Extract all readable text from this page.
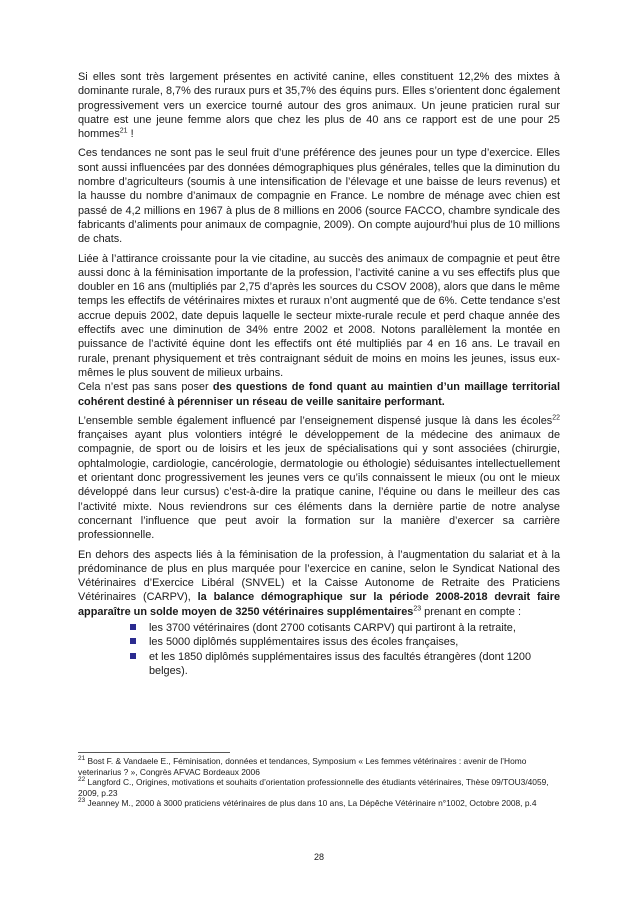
Si elles sont très largement présentes en activité canine, elles constituent 12,2% des mixtes à dominante rurale, 8,7% des ruraux purs et 35,7% des équins purs. Elles s’orientent donc également progressivement vers un exercice tourné autour des gros animaux. Un jeune praticien rural sur quatre est une jeune femme alors que chez les plus de 40 ans ce rapport est de une pour 25 hommes$^{21}$ !

Ces tendances ne sont pas le seul fruit d’une préférence des jeunes pour un type d’exercice. Elles sont aussi influencées par des données démographiques plus générales, telles que la diminution du nombre d’agriculteurs (soumis à une intensification de l’élevage et une baisse de leurs revenus) et la hausse du nombre d’animaux de compagnie en France. Le nombre de ménage avec chien est passé de 4,2 millions en 1967 à plus de 8 millions en 2006 (source FACCO, chambre syndicale des fabricants d’aliments pour animaux de compagnie, 2009). On compte aujourd’hui plus de 10 millions de chats.

Liée à l’attirance croissante pour la vie citadine, au succès des animaux de compagnie et peut être aussi donc à la féminisation importante de la profession, l’activité canine a vu ses effectifs plus que doubler en 16 ans (multipliés par 2,75 d’après les sources du CSOV 2008), alors que dans le même temps les effectifs de vétérinaires mixtes et ruraux n’ont augmenté que de 6%. Cette tendance s’est accrue depuis 2002, date depuis laquelle le secteur mixte-rurale recule et perd chaque année des effectifs avec une diminution de 34% entre 2002 et 2008. Notons parallèlement la montée en puissance de l’activité équine dont les effectifs ont été multipliés par 4 en 16 ans. Le travail en rurale, prenant physiquement et très contraignant séduit de moins en moins les jeunes, issus eux-mêmes le plus souvent de milieux urbains.

Cela n’est pas sans poser des questions de fond quant au maintien d’un maillage territorial cohérent destiné à pérenniser un réseau de veille sanitaire performant.

L’ensemble semble également influencé par l’enseignement dispensé jusque là dans les écoles$^{22}$ françaises ayant plus volontiers intégré le développement de la médecine des animaux de compagnie, de sport ou de loisirs et les jeux de spécialisations qui y sont associées (chirurgie, ophtalmologie, cardiologie, cancérologie, dermatologie ou éthologie) séduisantes intellectuellement et orientant donc progressivement les jeunes vers ce qu’ils connaissent le mieux (ou ont le mieux développé dans leur cursus) c’est-à-dire la pratique canine, l’équine ou dans le meilleur des cas l’activité mixte. Nous reviendrons sur ces éléments dans la dernière partie de notre analyse concernant l’influence que peut avoir la formation sur la manière d’exercer sa carrière professionnelle.

En dehors des aspects liés à la féminisation de la profession, à l’augmentation du salariat et à la prédominance de plus en plus marquée pour l’exercice en canine, selon le Syndicat National des Vétérinaires d’Exercice Libéral (SNVEL) et la Caisse Autonome de Retraite des Praticiens Vétérinaires (CARPV), la balance démographique sur la période 2008-2018 devrait faire apparaître un solde moyen de 3250 vétérinaires supplémentaires$^{23}$ prenant en compte :

les 3700 vétérinaires (dont 2700 cotisants CARPV) qui partiront à la retraite,
les 5000 diplômés supplémentaires issus des écoles françaises,
et les 1850 diplômés supplémentaires issus des facultés étrangères (dont 1200 belges).

$^{21}$ Bost F. & Vandaele E., Féminisation, données et tendances, Symposium « Les femmes vétérinaires : avenir de l’Homo veterinarius ? », Congrès AFVAC Bordeaux 2006

$^{22}$ Langford C., Origines, motivations et souhaits d’orientation professionnelle des étudiants vétérinaires, Thèse 09/TOU3/4059, 2009, p.23

$^{23}$ Jeanney M., 2000 à 3000 praticiens vétérinaires de plus dans 10 ans, La Dépêche Vétérinaire n°1002, Octobre 2008, p.4

28
